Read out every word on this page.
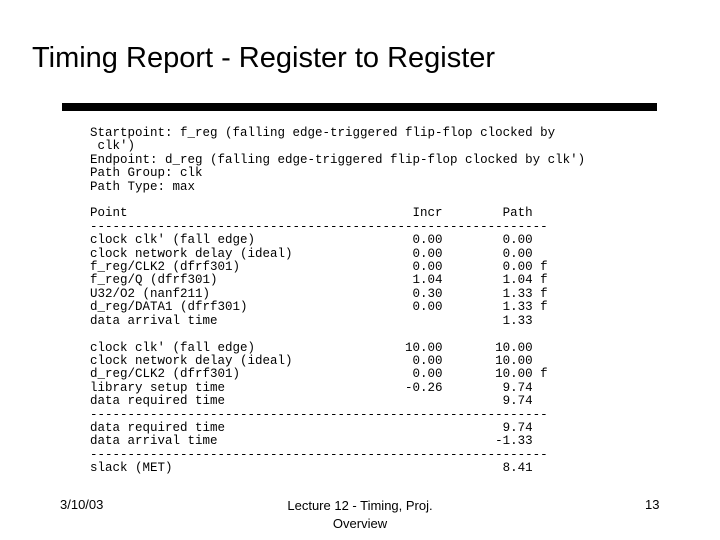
Timing Report - Register to Register
Startpoint: f_reg (falling edge-triggered flip-flop clocked by
clk')
Endpoint: d_reg (falling edge-triggered flip-flop clocked by clk')
Path Group: clk
Path Type: max

Point                                      Incr        Path
-------------------------------------------------------------
clock clk' (fall edge)                     0.00        0.00
clock network delay (ideal)                0.00        0.00
f_reg/CLK2 (dfrf301)                       0.00        0.00 f
f_reg/Q (dfrf301)                          1.04        1.04 f
U32/O2 (nanf211)                           0.30        1.33 f
d_reg/DATA1 (dfrf301)                      0.00        1.33 f
data arrival time                                      1.33

clock clk' (fall edge)                    10.00       10.00
clock network delay (ideal)                0.00       10.00
d_reg/CLK2 (dfrf301)                       0.00       10.00 f
library setup time                        -0.26        9.74
data required time                                     9.74
-------------------------------------------------------------
data required time                                     9.74
data arrival time                                     -1.33
-------------------------------------------------------------
slack (MET)                                            8.41
3/10/03	Lecture 12 - Timing, Proj.
Overview
13
